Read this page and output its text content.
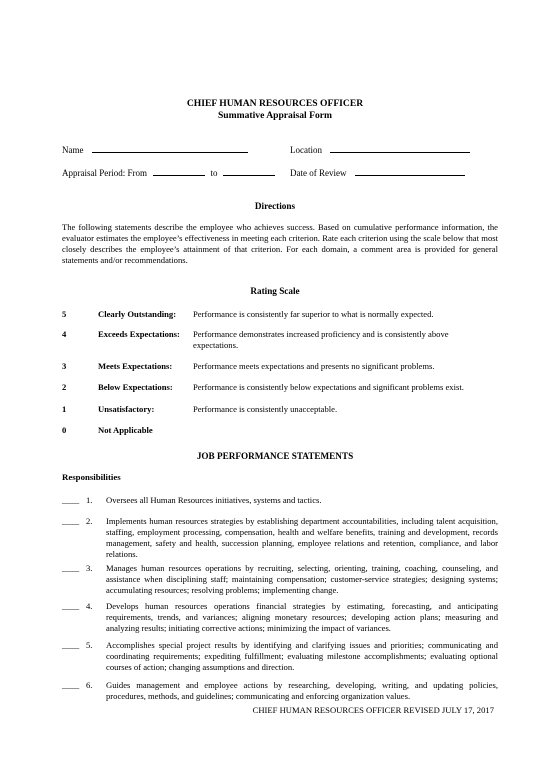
CHIEF HUMAN RESOURCES OFFICER
Summative Appraisal Form
Name	Location
Appraisal Period: From	to	Date of Review
Directions
The following statements describe the employee who achieves success. Based on cumulative performance information, the evaluator estimates the employee’s effectiveness in meeting each criterion. Rate each criterion using the scale below that most closely describes the employee’s attainment of that criterion. For each domain, a comment area is provided for general statements and/or recommendations.
Rating Scale
5	Clearly Outstanding: Performance is consistently far superior to what is normally expected.
4	Exceeds Expectations: Performance demonstrates increased proficiency and is consistently above expectations.
3	Meets Expectations: Performance meets expectations and presents no significant problems.
2	Below Expectations: Performance is consistently below expectations and significant problems exist.
1	Unsatisfactory:	Performance is consistently unacceptable.
0	Not Applicable
JOB PERFORMANCE STATEMENTS
Responsibilities
____ 1. Oversees all Human Resources initiatives, systems and tactics.
____ 2. Implements human resources strategies by establishing department accountabilities, including talent acquisition, staffing, employment processing, compensation, health and welfare benefits, training and development, records management, safety and health, succession planning, employee relations and retention, compliance, and labor relations.
____ 3. Manages human resources operations by recruiting, selecting, orienting, training, coaching, counseling, and assistance when disciplining staff; maintaining compensation; customer-service strategies; designing systems; accumulating resources; resolving problems; implementing change.
____ 4. Develops human resources operations financial strategies by estimating, forecasting, and anticipating requirements, trends, and variances; aligning monetary resources; developing action plans; measuring and analyzing results; initiating corrective actions; minimizing the impact of variances.
____ 5. Accomplishes special project results by identifying and clarifying issues and priorities; communicating and coordinating requirements; expediting fulfillment; evaluating milestone accomplishments; evaluating optional courses of action; changing assumptions and direction.
____ 6. Guides management and employee actions by researching, developing, writing, and updating policies, procedures, methods, and guidelines; communicating and enforcing organization values.
CHIEF HUMAN RESOURCES OFFICER REVISED JULY 17, 2017
